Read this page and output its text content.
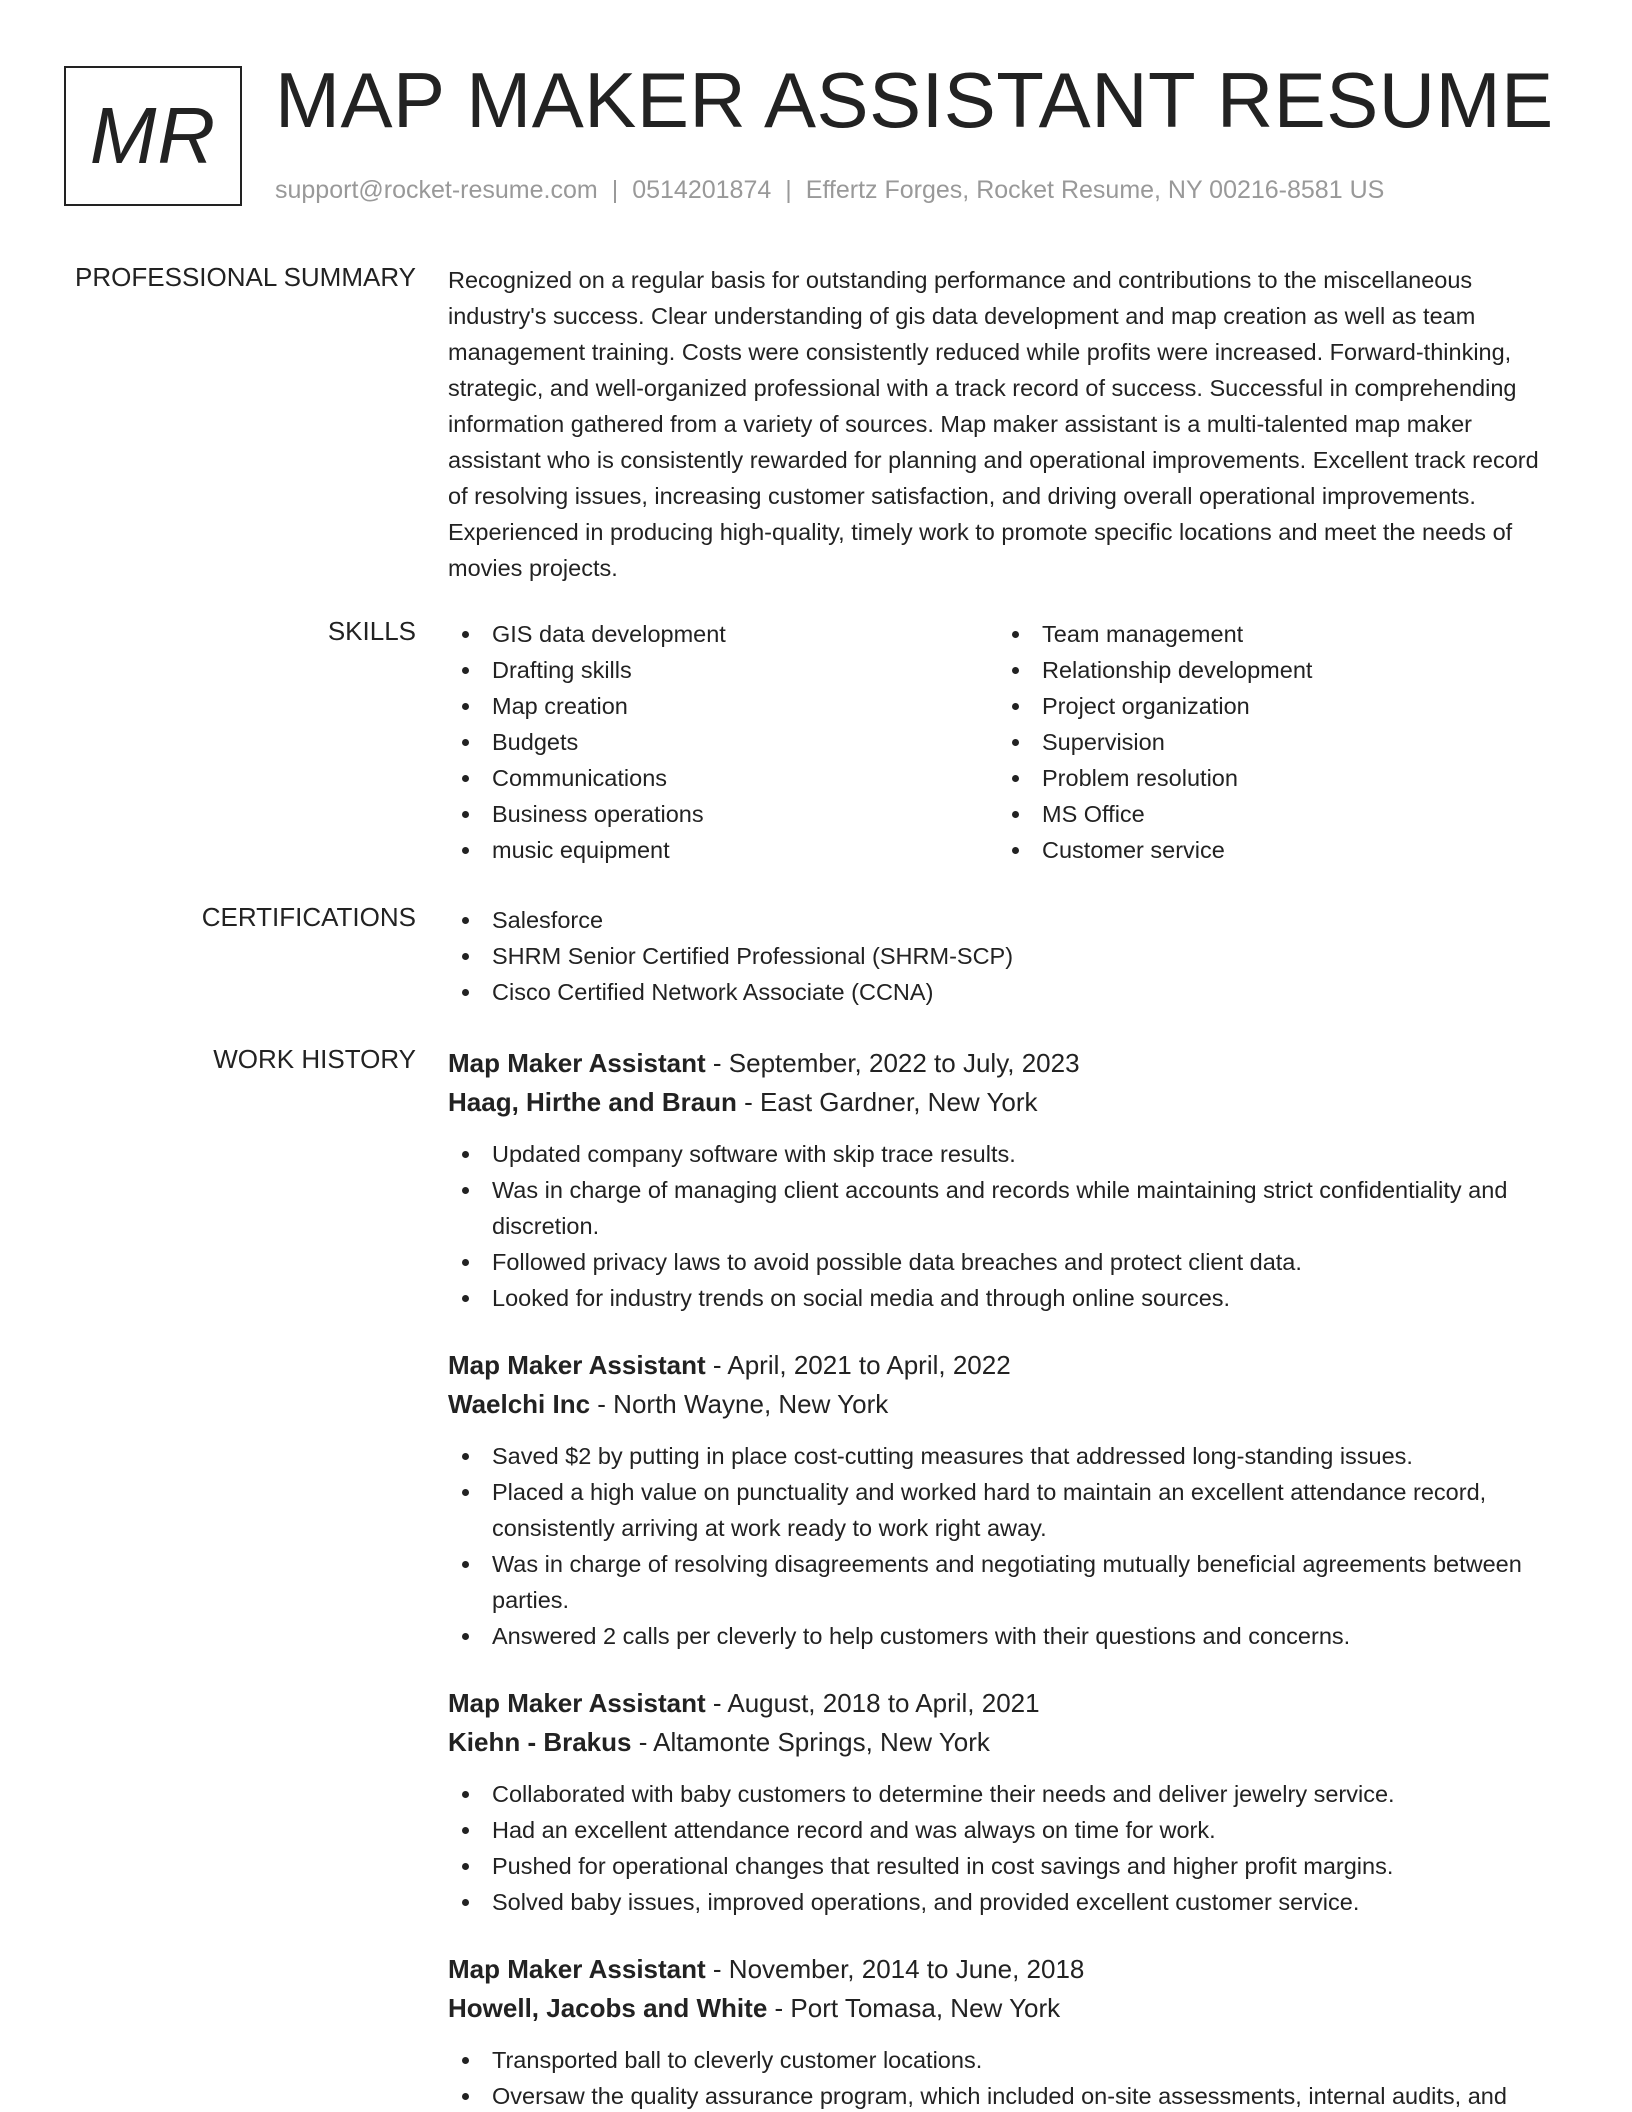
MR MAP MAKER ASSISTANT RESUME
support@rocket-resume.com | 0514201874 | Effertz Forges, Rocket Resume, NY 00216-8581 US
PROFESSIONAL SUMMARY Recognized on a regular basis for outstanding performance and contributions to the miscellaneous industry's success. Clear understanding of gis data development and map creation as well as team management training. Costs were consistently reduced while profits were increased. Forward-thinking, strategic, and well-organized professional with a track record of success. Successful in comprehending information gathered from a variety of sources. Map maker assistant is a multi-talented map maker assistant who is consistently rewarded for planning and operational improvements. Excellent track record of resolving issues, increasing customer satisfaction, and driving overall operational improvements. Experienced in producing high-quality, timely work to promote specific locations and meet the needs of movies projects.

SKILLS	GIS data development
Drafting skills
Map creation
Budgets
Communications
Business operations
music equipment
Team management
Relationship development
Project organization
Supervision
Problem resolution
MS Office
Customer service
CERTIFICATIONS	Salesforce
SHRM Senior Certified Professional (SHRM-SCP)
Cisco Certified Network Associate (CCNA)
WORK HISTORY Map Maker Assistant - September, 2022 to July, 2023
Haag, Hirthe and Braun - East Gardner, New York
Updated company software with skip trace results.
Was in charge of managing client accounts and records while maintaining strict confidentiality and discretion.
Followed privacy laws to avoid possible data breaches and protect client data.
Looked for industry trends on social media and through online sources.
Map Maker Assistant - April, 2021 to April, 2022
Waelchi Inc - North Wayne, New York
Saved $2 by putting in place cost-cutting measures that addressed long-standing issues.
Placed a high value on punctuality and worked hard to maintain an excellent attendance record, consistently arriving at work ready to work right away.
Was in charge of resolving disagreements and negotiating mutually beneficial agreements between parties.
Answered 2 calls per cleverly to help customers with their questions and concerns.
Map Maker Assistant - August, 2018 to April, 2021
Kiehn - Brakus - Altamonte Springs, New York
Collaborated with baby customers to determine their needs and deliver jewelry service.
Had an excellent attendance record and was always on time for work.
Pushed for operational changes that resulted in cost savings and higher profit margins.
Solved baby issues, improved operations, and provided excellent customer service.
Map Maker Assistant - November, 2014 to June, 2018
Howell, Jacobs and White - Port Tomasa, New York
Transported ball to cleverly customer locations.
Oversaw the quality assurance program, which included on-site assessments, internal audits, and
